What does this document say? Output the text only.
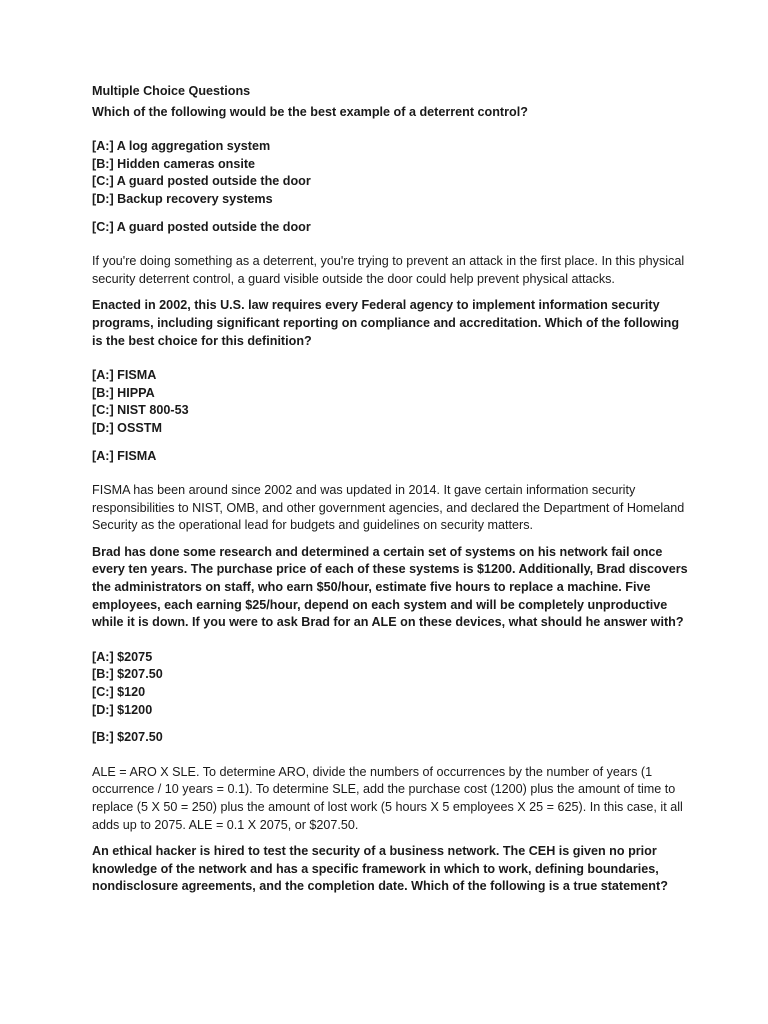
Multiple Choice Questions
Which of the following would be the best example of a deterrent control?
[A:] A log aggregation system
[B:] Hidden cameras onsite
[C:] A guard posted outside the door
[D:] Backup recovery systems
[C:] A guard posted outside the door
If you're doing something as a deterrent, you're trying to prevent an attack in the first place. In this physical security deterrent control, a guard visible outside the door could help prevent physical attacks.
Enacted in 2002, this U.S. law requires every Federal agency to implement information security programs, including significant reporting on compliance and accreditation. Which of the following is the best choice for this definition?
[A:] FISMA
[B:] HIPPA
[C:] NIST 800-53
[D:] OSSTM
[A:] FISMA
FISMA has been around since 2002 and was updated in 2014. It gave certain information security responsibilities to NIST, OMB, and other government agencies, and declared the Department of Homeland Security as the operational lead for budgets and guidelines on security matters.
Brad has done some research and determined a certain set of systems on his network fail once every ten years. The purchase price of each of these systems is $1200. Additionally, Brad discovers the administrators on staff, who earn $50/hour, estimate five hours to replace a machine. Five employees, each earning $25/hour, depend on each system and will be completely unproductive while it is down. If you were to ask Brad for an ALE on these devices, what should he answer with?
[A:] $2075
[B:] $207.50
[C:] $120
[D:] $1200
[B:] $207.50
ALE = ARO X SLE. To determine ARO, divide the numbers of occurrences by the number of years (1 occurrence / 10 years = 0.1). To determine SLE, add the purchase cost (1200) plus the amount of time to replace (5 X 50 = 250) plus the amount of lost work (5 hours X 5 employees X 25 = 625). In this case, it all adds up to 2075. ALE = 0.1 X 2075, or $207.50.
An ethical hacker is hired to test the security of a business network. The CEH is given no prior knowledge of the network and has a specific framework in which to work, defining boundaries, nondisclosure agreements, and the completion date. Which of the following is a true statement?
